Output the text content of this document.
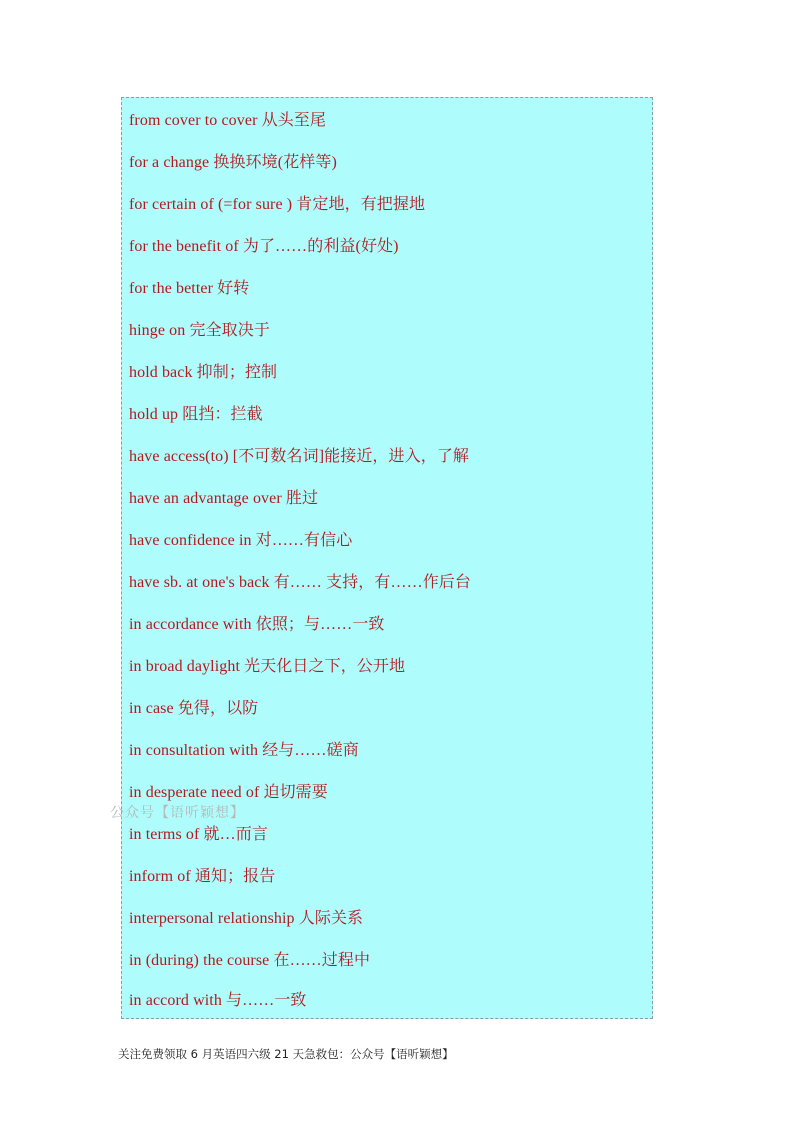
from cover to cover 从头至尾
for a change 换换环境(花样等)
for certain of (=for sure ) 肯定地，有把握地
for the benefit of 为了……的利益(好处)
for the better 好转
hinge on 完全取决于
hold back 抑制；控制
hold up 阻挡：拦截
have access(to) [不可数名词]能接近，进入，了解
have an advantage over 胜过
have confidence in 对……有信心
have sb. at one's back 有…… 支持，有……作后台
in accordance with 依照；与……一致
in broad daylight 光天化日之下，公开地
in case 免得，以防
in consultation with 经与……磋商
in desperate need of 迫切需要
in terms of 就…而言
inform of 通知；报告
interpersonal relationship 人际关系
in (during) the course 在……过程中
in accord with 与……一致
公众号【语听颖想】
关注免费领取 6 月英语四六级 21 天急救包：公众号【语听颖想】
